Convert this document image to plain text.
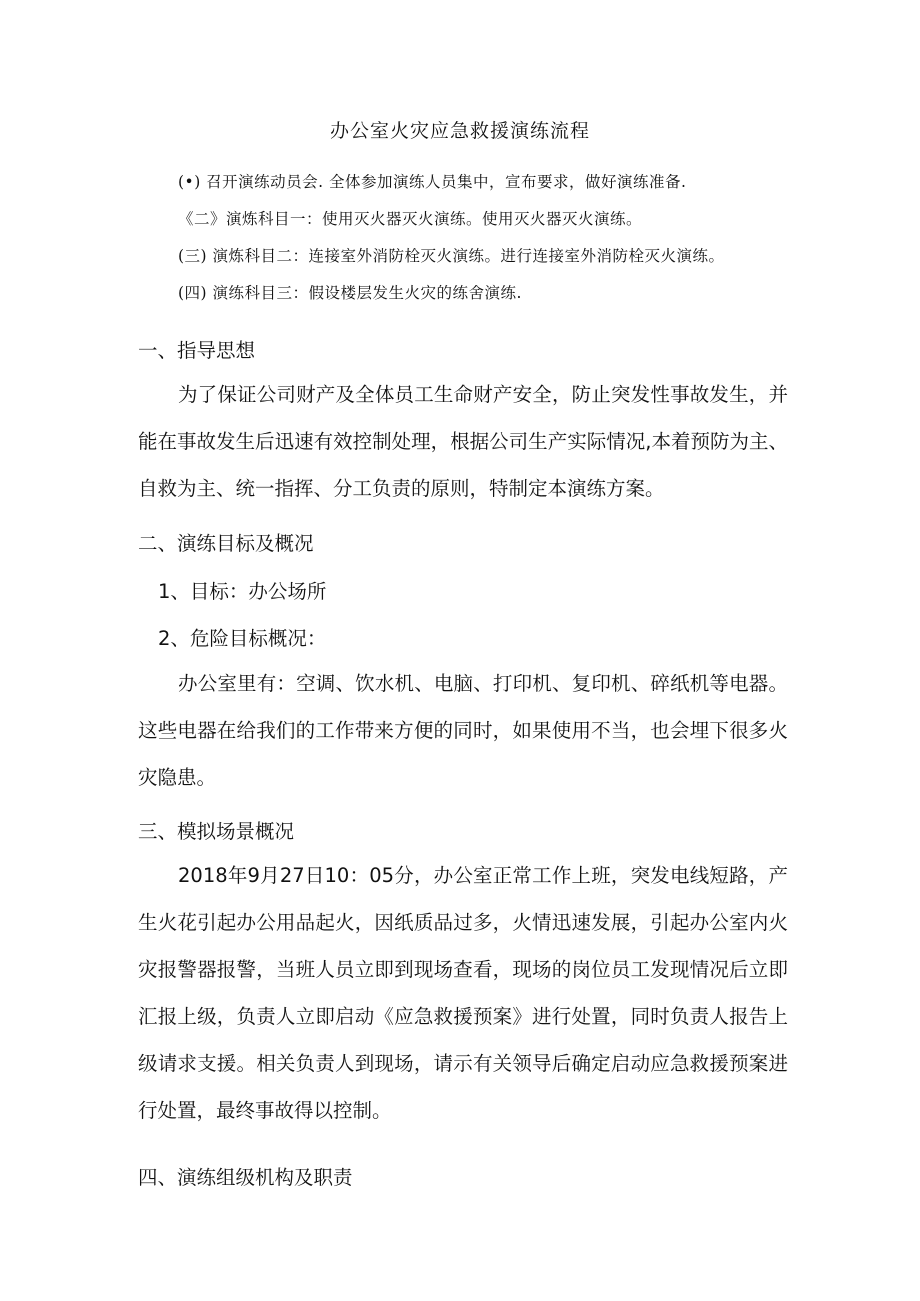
办公室火灾应急救援演练流程
(•) 召开演练动员会. 全体参加演练人员集中，宣布要求，做好演练准备.
《二》演炼科目一：使用灭火器灭火演练。使用灭火器灭火演练。
(三) 演炼科目二：连接室外消防栓灭火演练。进行连接室外消防栓灭火演练。
(四) 演练科目三：假设楼层发生火灾的练舍演练.
一、指导思想
为了保证公司财产及全体员工生命财产安全，防止突发性事故发生，并能在事故发生后迅速有效控制处理，根据公司生产实际情况,本着预防为主、自救为主、统一指挥、分工负责的原则，特制定本演练方案。
二、演练目标及概况
1、目标：办公场所
2、危险目标概况：
办公室里有：空调、饮水机、电脑、打印机、复印机、碎纸机等电器。这些电器在给我们的工作带来方便的同时，如果使用不当，也会埋下很多火灾隐患。
三、模拟场景概况
2018年9月27日10：05分，办公室正常工作上班，突发电线短路，产生火花引起办公用品起火，因纸质品过多，火情迅速发展，引起办公室内火灾报警器报警，当班人员立即到现场查看，现场的岗位员工发现情况后立即汇报上级，负责人立即启动《应急救援预案》进行处置，同时负责人报告上级请求支援。相关负责人到现场，请示有关领导后确定启动应急救援预案进行处置，最终事故得以控制。
四、演练组级机构及职责
